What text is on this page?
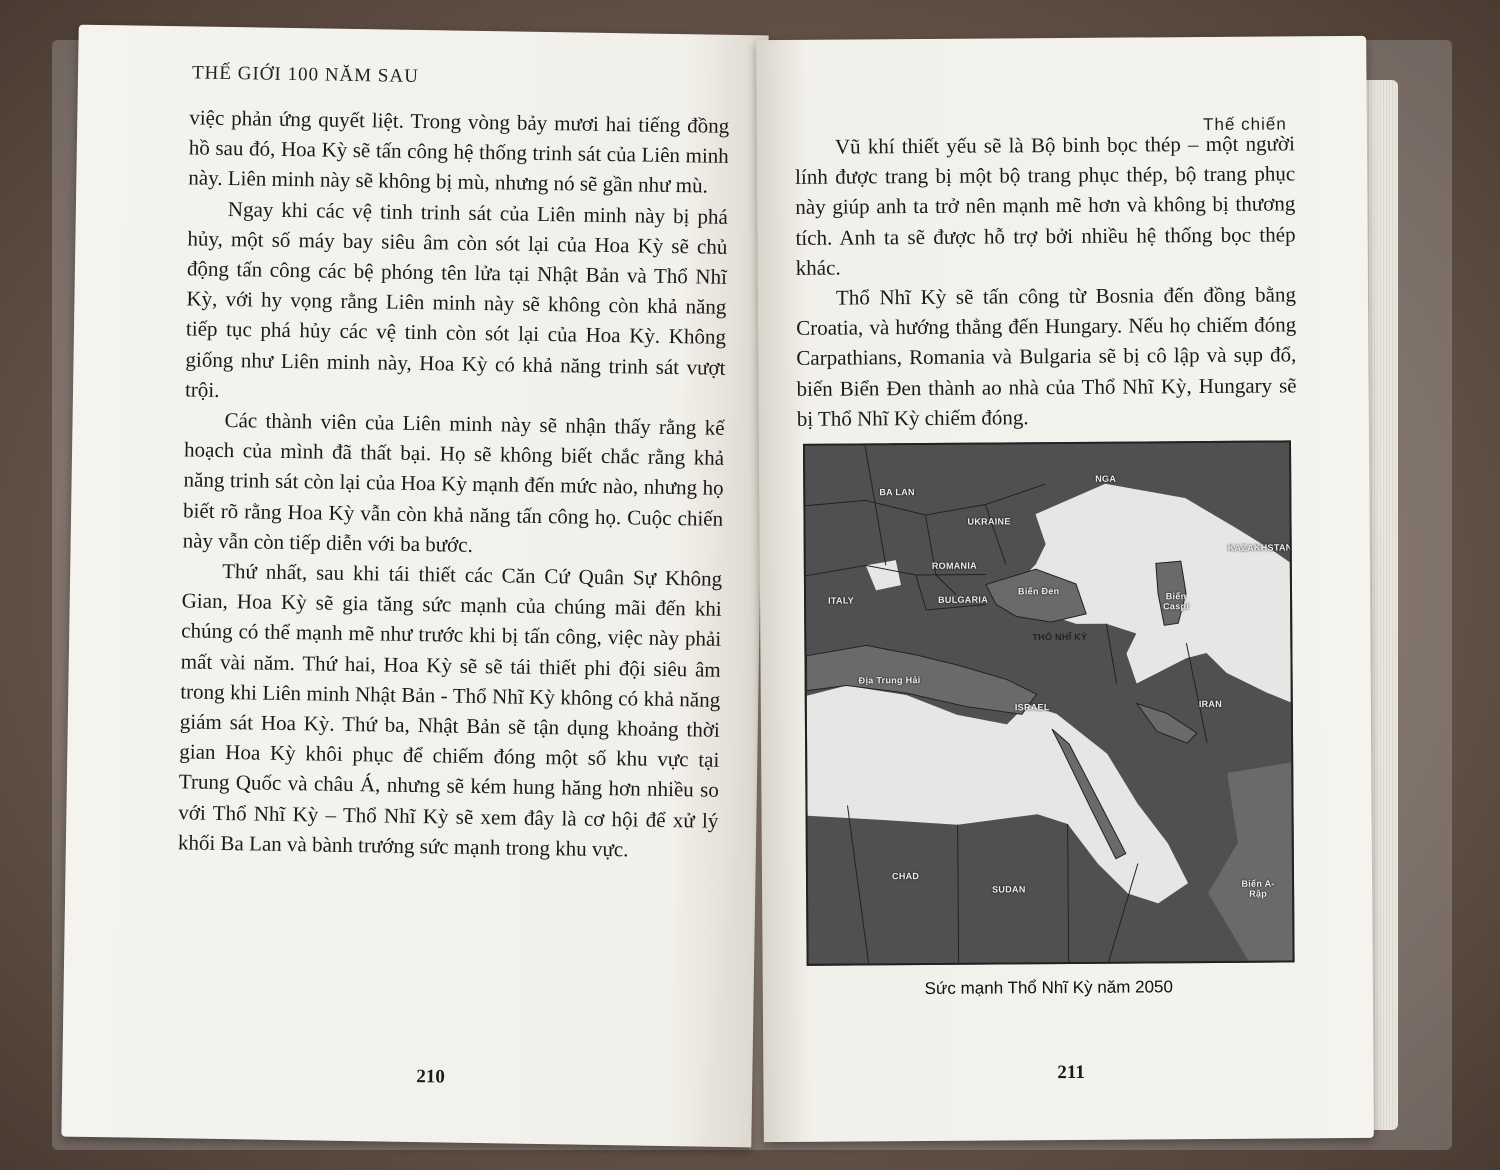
THẾ GIỚI 100 NĂM SAU

việc phản ứng quyết liệt. Trong vòng bảy mươi hai tiếng đồng hồ sau đó, Hoa Kỳ sẽ tấn công hệ thống trinh sát của Liên minh này. Liên minh này sẽ không bị mù, nhưng nó sẽ gần như mù.

Ngay khi các vệ tinh trinh sát của Liên minh này bị phá hủy, một số máy bay siêu âm còn sót lại của Hoa Kỳ sẽ chủ động tấn công các bệ phóng tên lửa tại Nhật Bản và Thổ Nhĩ Kỳ, với hy vọng rằng Liên minh này sẽ không còn khả năng tiếp tục phá hủy các vệ tinh còn sót lại của Hoa Kỳ. Không giống như Liên minh này, Hoa Kỳ có khả năng trinh sát vượt trội.

Các thành viên của Liên minh này sẽ nhận thấy rằng kế hoạch của mình đã thất bại. Họ sẽ không biết chắc rằng khả năng trinh sát còn lại của Hoa Kỳ mạnh đến mức nào, nhưng họ biết rõ rằng Hoa Kỳ vẫn còn khả năng tấn công họ. Cuộc chiến này vẫn còn tiếp diễn với ba bước.

Thứ nhất, sau khi tái thiết các Căn Cứ Quân Sự Không Gian, Hoa Kỳ sẽ gia tăng sức mạnh của chúng mãi đến khi chúng có thể mạnh mẽ như trước khi bị tấn công, việc này phải mất vài năm. Thứ hai, Hoa Kỳ sẽ sẽ tái thiết phi đội siêu âm trong khi Liên minh Nhật Bản - Thổ Nhĩ Kỳ không có khả năng giám sát Hoa Kỳ. Thứ ba, Nhật Bản sẽ tận dụng khoảng thời gian Hoa Kỳ khôi phục để chiếm đóng một số khu vực tại Trung Quốc và châu Á, nhưng sẽ kém hung hăng hơn nhiều so với Thổ Nhĩ Kỳ – Thổ Nhĩ Kỳ sẽ xem đây là cơ hội để xử lý khối Ba Lan và bành trướng sức mạnh trong khu vực.

210
Thế chiến

Vũ khí thiết yếu sẽ là Bộ binh bọc thép – một người lính được trang bị một bộ trang phục thép, bộ trang phục này giúp anh ta trở nên mạnh mẽ hơn và không bị thương tích. Anh ta sẽ được hỗ trợ bởi nhiều hệ thống bọc thép khác.

Thổ Nhĩ Kỳ sẽ tấn công từ Bosnia đến đồng bằng Croatia, và hướng thẳng đến Hungary. Nếu họ chiếm đóng Carpathians, Romania và Bulgaria sẽ bị cô lập và sụp đổ, biến Biển Đen thành ao nhà của Thổ Nhĩ Kỳ, Hungary sẽ bị Thổ Nhĩ Kỳ chiếm đóng.

BA LAN
NGA
UKRAINE
KAZAKHSTAN
ROMANIA
ITALY	BULGARIA
Biển Đen	Biển Caspi
THỔ NHĨ KỲ
Địa Trung Hải
ISRAEL	IRAN
CHAD
SUDAN
Biển A-Rập
Sức mạnh Thổ Nhĩ Kỳ năm 2050
211
